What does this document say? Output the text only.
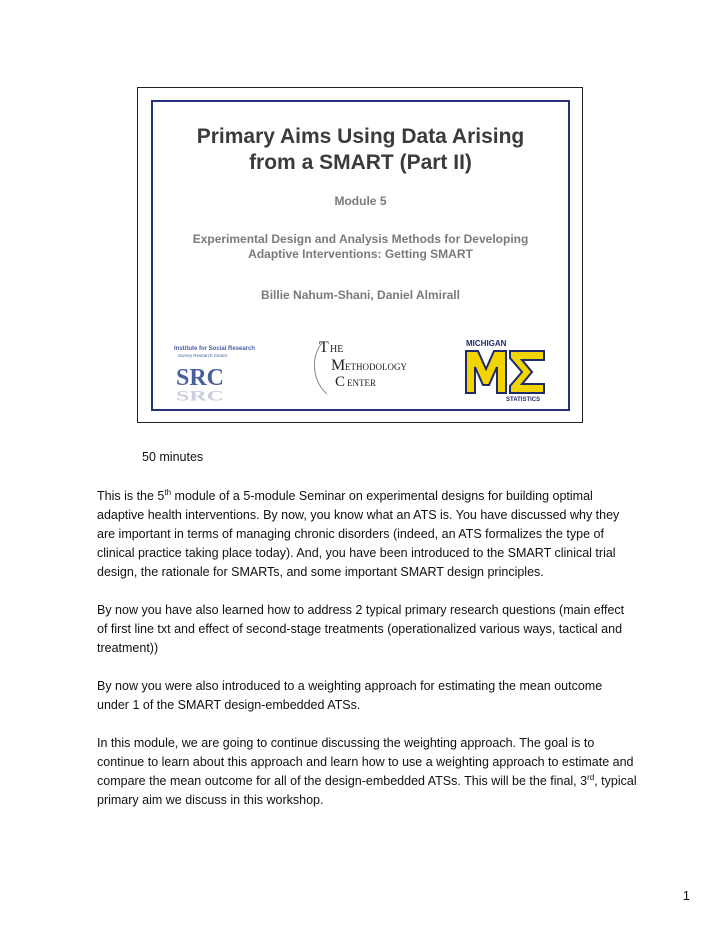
Primary Aims Using Data Arising
from a SMART (Part II)
Module 5
Experimental Design and Analysis Methods for Developing
Adaptive Interventions: Getting SMART
Billie Nahum-Shani, Daniel Almirall
Institute for Social Research
Survey Research Center
SRC
SRC
T HE
M ETHODOLOGY
C ENTER
MICHIGAN
STATISTICS
50 minutes

This is the 5th module of a 5-module Seminar on experimental designs for building optimal adaptive health interventions. By now, you know what an ATS is. You have discussed why they are important in terms of managing chronic disorders (indeed, an ATS formalizes the type of clinical practice taking place today). And, you have been introduced to the SMART clinical trial design, the rationale for SMARTs, and some important SMART design principles.

By now you have also learned how to address 2 typical primary research questions (main effect of first line txt and effect of second-stage treatments (operationalized various ways, tactical and treatment))

By now you were also introduced to a weighting approach for estimating the mean outcome under 1 of the SMART design-embedded ATSs.

In this module, we are going to continue discussing the weighting approach. The goal is to continue to learn about this approach and learn how to use a weighting approach to estimate and compare the mean outcome for all of the design-embedded ATSs. This will be the final, 3rd, typical primary aim we discuss in this workshop.

1
